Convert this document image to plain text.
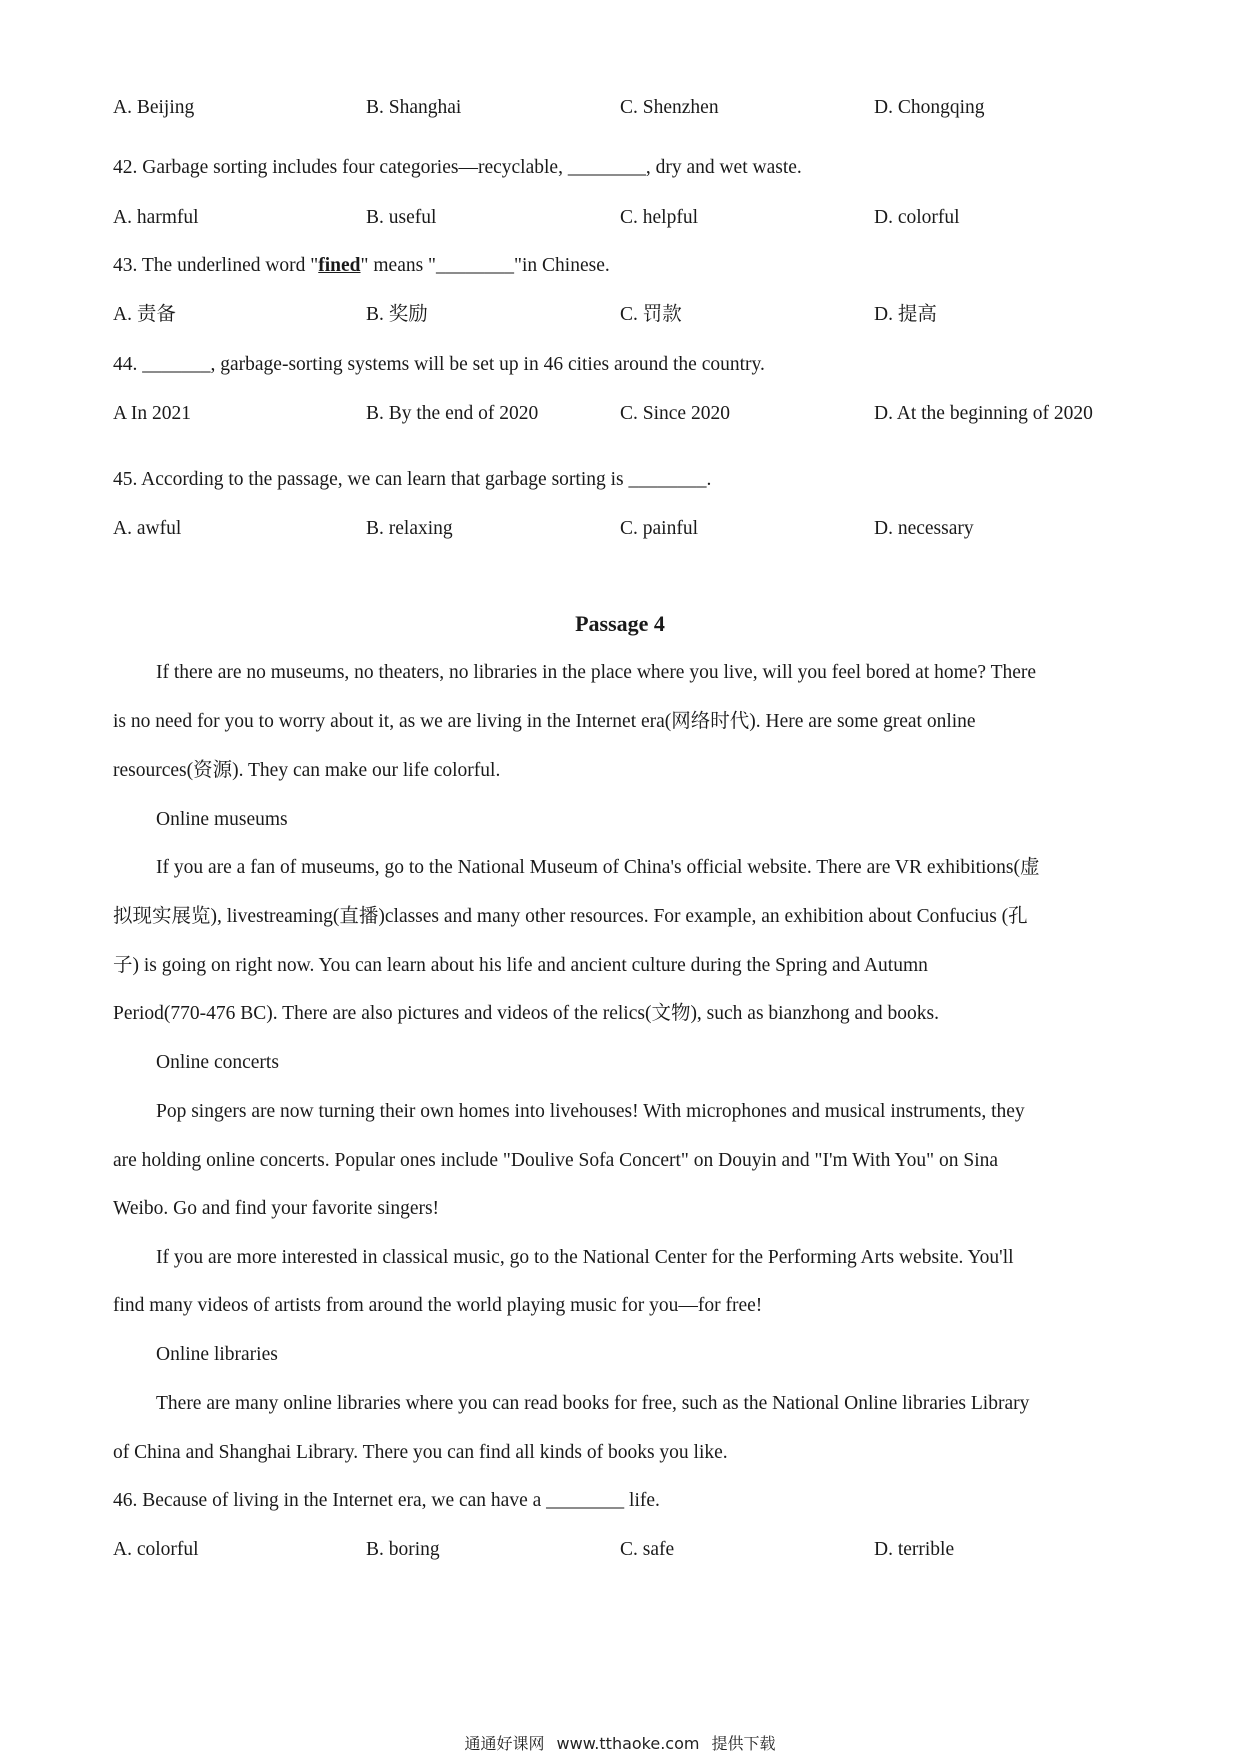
A. Beijing	B. Shanghai	C. Shenzhen	D. Chongqing
42. Garbage sorting includes four categories—recyclable, ________, dry and wet waste.
A. harmful	B. useful	C. helpful	D. colorful
43. The underlined word "fined" means "________"in Chinese.
A. 责备	B. 奖励	C. 罚款	D. 提高
44. _______, garbage-sorting systems will be set up in 46 cities around the country.
A In 2021	B. By the end of 2020	C. Since 2020	D. At the beginning of 2020
45. According to the passage, we can learn that garbage sorting is ________.
A. awful	B. relaxing	C. painful	D. necessary
Passage 4
If there are no museums, no theaters, no libraries in the place where you live, will you feel bored at home? There
is no need for you to worry about it, as we are living in the Internet era(网络时代). Here are some great online
resources(资源). They can make our life colorful.
Online museums
If you are a fan of museums, go to the National Museum of China's official website. There are VR exhibitions(虚
拟现实展览), livestreaming(直播)classes and many other resources. For example, an exhibition about Confucius (孔
子) is going on right now. You can learn about his life and ancient culture during the Spring and Autumn
Period(770-476 BC). There are also pictures and videos of the relics(文物), such as bianzhong and books.
Online concerts
Pop singers are now turning their own homes into livehouses! With microphones and musical instruments, they
are holding online concerts. Popular ones include "Doulive Sofa Concert" on Douyin and "I'm With You" on Sina
Weibo. Go and find your favorite singers!
If you are more interested in classical music, go to the National Center for the Performing Arts website. You'll
find many videos of artists from around the world playing music for you—for free!
Online libraries
There are many online libraries where you can read books for free, such as the National Online libraries Library
of China and Shanghai Library. There you can find all kinds of books you like.
46. Because of living in the Internet era, we can have a ________ life.
A. colorful	B. boring	C. safe	D. terrible
通通好课网 www.tthaoke.com 提供下载
